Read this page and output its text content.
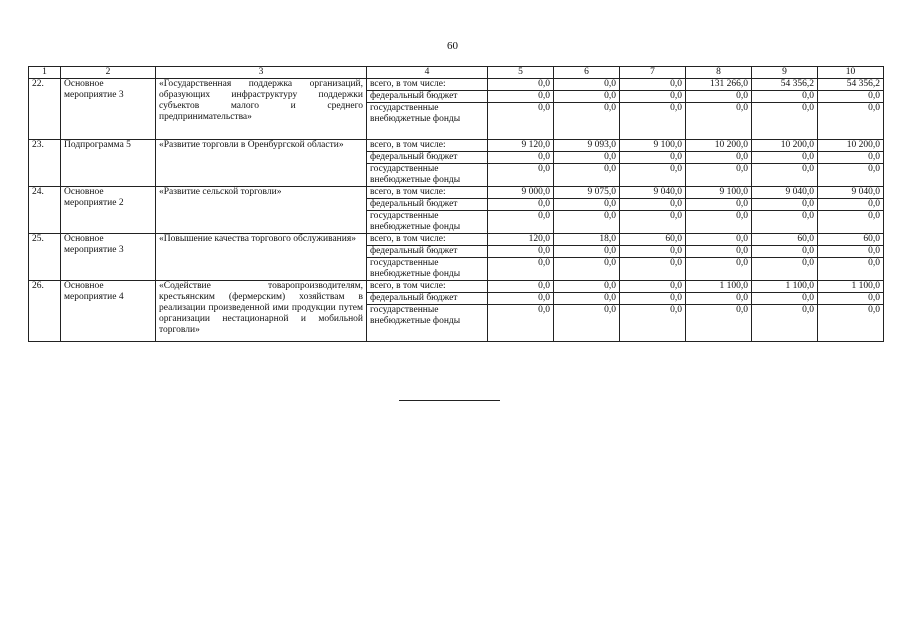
60
1	2	3	4	5	6	7	8	9	10
22.	Основное мероприятие 3	«Государственная поддержка организаций, образующих инфраструктуру поддержки субъектов малого и среднего предпринимательства»	всего, в том числе:	0,0	0,0	0,0	131 266,0	54 356,2	54 356,2
			федеральный бюджет	0,0	0,0	0,0	0,0	0,0	0,0
			государственные внебюджетные фонды	0,0	0,0	0,0	0,0	0,0	0,0
23.	Подпрограмма 5	«Развитие торговли в Оренбургской области»	всего, в том числе:	9 120,0	9 093,0	9 100,0	10 200,0	10 200,0	10 200,0
			федеральный бюджет	0,0	0,0	0,0	0,0	0,0	0,0
			государственные внебюджетные фонды	0,0	0,0	0,0	0,0	0,0	0,0
24.	Основное мероприятие 2	«Развитие сельской торговли»	всего, в том числе:	9 000,0	9 075,0	9 040,0	9 100,0	9 040,0	9 040,0
			федеральный бюджет	0,0	0,0	0,0	0,0	0,0	0,0
			государственные внебюджетные фонды	0,0	0,0	0,0	0,0	0,0	0,0
25.	Основное мероприятие 3	«Повышение качества торгового обслуживания»	всего, в том числе:	120,0	18,0	60,0	0,0	60,0	60,0
			федеральный бюджет	0,0	0,0	0,0	0,0	0,0	0,0
			государственные внебюджетные фонды	0,0	0,0	0,0	0,0	0,0	0,0
26.	Основное мероприятие 4	«Содействие товаропроизводителям, крестьянским (фермерским) хозяйствам в реализации произведенной ими продукции путем организации нестационарной и мобильной торговли»	всего, в том числе:	0,0	0,0	0,0	1 100,0	1 100,0	1 100,0
			федеральный бюджет	0,0	0,0	0,0	0,0	0,0	0,0
			государственные внебюджетные фонды	0,0	0,0	0,0	0,0	0,0	0,0
